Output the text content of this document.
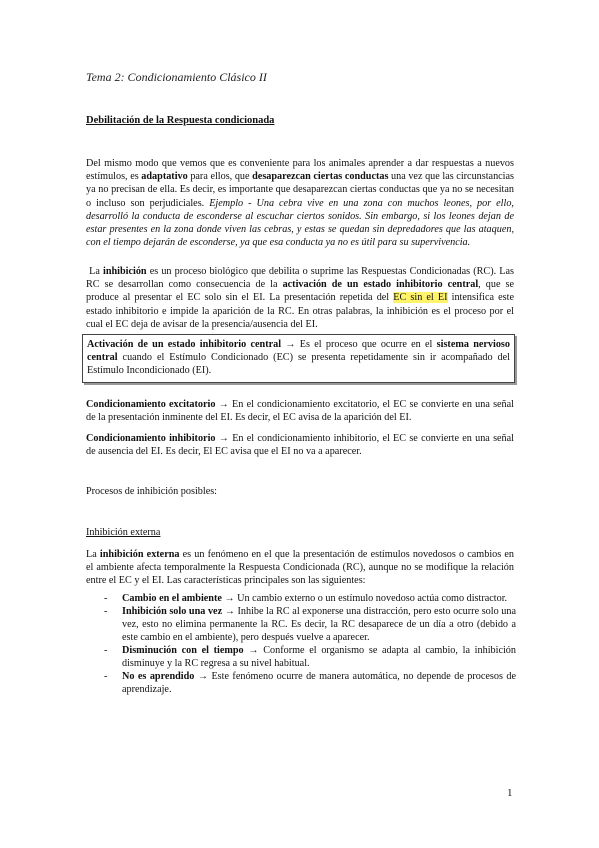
Tema 2: Condicionamiento Clásico II
Debilitación de la Respuesta condicionada

Del mismo modo que vemos que es conveniente para los animales aprender a dar respuestas a nuevos estímulos, es adaptativo para ellos, que desaparezcan ciertas conductas una vez que las circunstancias ya no precisan de ella. Es decir, es importante que desaparezcan ciertas conductas que ya no se necesitan o incluso son perjudiciales. Ejemplo - Una cebra vive en una zona con muchos leones, por ello, desarrolló la conducta de esconderse al escuchar ciertos sonidos. Sin embargo, si los leones dejan de estar presentes en la zona donde viven las cebras, y estas se quedan sin depredadores que las ataquen, con el tiempo dejarán de esconderse, ya que esa conducta ya no es útil para su supervivencia.

La inhibición es un proceso biológico que debilita o suprime las Respuestas Condicionadas (RC). Las RC se desarrollan como consecuencia de la activación de un estado inhibitorio central, que se produce al presentar el EC solo sin el EI. La presentación repetida del EC sin el EI intensifica este estado inhibitorio e impide la aparición de la RC. En otras palabras, la inhibición es el proceso por el cual el EC deja de avisar de la presencia/ausencia del EI.

Activación de un estado inhibitorio central → Es el proceso que ocurre en el sistema nervioso central cuando el Estímulo Condicionado (EC) se presenta repetidamente sin ir acompañado del Estímulo Incondicionado (EI).

Condicionamiento excitatorio → En el condicionamiento excitatorio, el EC se convierte en una señal de la presentación inminente del EI. Es decir, el EC avisa de la aparición del EI.

Condicionamiento inhibitorio → En el condicionamiento inhibitorio, el EC se convierte en una señal de ausencia del EI. Es decir, El EC avisa que el EI no va a aparecer.

Procesos de inhibición posibles:

Inhibición externa

La inhibición externa es un fenómeno en el que la presentación de estímulos novedosos o cambios en el ambiente afecta temporalmente la Respuesta Condicionada (RC), aunque no se modifique la relación entre el EC y el EI. Las características principales son las siguientes:

- Cambio en el ambiente → Un cambio externo o un estímulo novedoso actúa como distractor.
- Inhibición solo una vez → Inhibe la RC al exponerse una distracción, pero esto ocurre solo una vez, esto no elimina permanente la RC. Es decir, la RC desaparece de un día a otro (debido a este cambio en el ambiente), pero después vuelve a aparecer.
- Disminución con el tiempo → Conforme el organismo se adapta al cambio, la inhibición disminuye y la RC regresa a su nivel habitual.
- No es aprendido → Este fenómeno ocurre de manera automática, no depende de procesos de aprendizaje.
1
